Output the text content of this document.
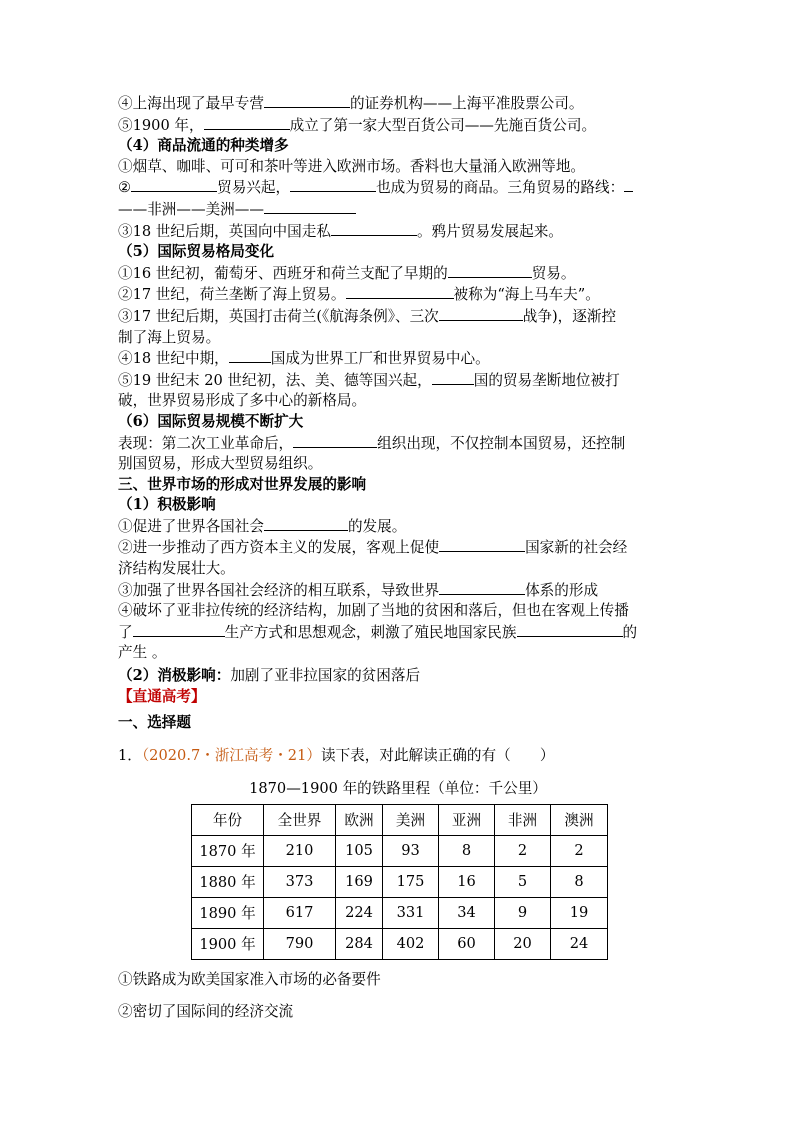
④上海出现了最早专营	的证券机构——上海平准股票公司。
⑤1900 年，	成立了第一家大型百货公司——先施百货公司。
（4）商品流通的种类增多
①烟草、咖啡、可可和茶叶等进入欧洲市场。香料也大量涌入欧洲等地。
②	贸易兴起，	也成为贸易的商品。三角贸易的路线：
——非洲——美洲——
③18 世纪后期，英国向中国走私	。鸦片贸易发展起来。
（5）国际贸易格局变化
①16 世纪初，葡萄牙、西班牙和荷兰支配了早期的	贸易。
②17 世纪，荷兰垄断了海上贸易。	被称为“海上马车夫”。
③17 世纪后期，英国打击荷兰(《航海条例》、三次	战争)，逐渐控
制了海上贸易。
④18 世纪中期，	国成为世界工厂和世界贸易中心。
⑤19 世纪末 20 世纪初，法、美、德等国兴起，	国的贸易垄断地位被打
破，世界贸易形成了多中心的新格局。
（6）国际贸易规模不断扩大
表现：第二次工业革命后，	组织出现，不仅控制本国贸易，还控制
别国贸易，形成大型贸易组织。
三、世界市场的形成对世界发展的影响
（1）积极影响
①促进了世界各国社会	的发展。
②进一步推动了西方资本主义的发展，客观上促使	国家新的社会经
济结构发展壮大。
③加强了世界各国社会经济的相互联系，导致世界	体系的形成
④破坏了亚非拉传统的经济结构，加剧了当地的贫困和落后，但也在客观上传播
了	生产方式和思想观念，刺激了殖民地国家民族	的
产生 。
（2）消极影响：加剧了亚非拉国家的贫困落后
【直通高考】
一、选择题
1．（2020.7・浙江高考・21）读下表，对此解读正确的有（　　）
1870—1900 年的铁路里程（单位：千公里）
年份	全世界	欧洲	美洲	亚洲	非洲	澳洲
1870 年	210	105	93	8	2	2
1880 年	373	169	175	16	5	8
1890 年	617	224	331	34	9	19
1900 年	790	284	402	60	20	24
①铁路成为欧美国家准入市场的必备要件
②密切了国际间的经济交流
